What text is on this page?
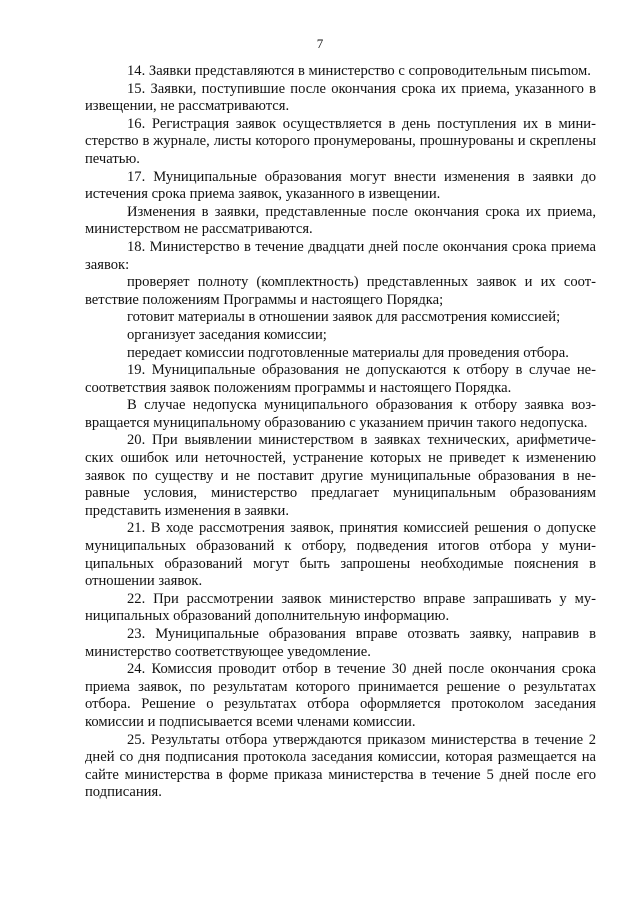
7

14. Заявки представляются в министерство с сопроводительным письmом.

15. Заявки, поступившие после окончания срока их приема, указанного в извещении, не рассматриваются.

16. Регистрация заявок осуществляется в день поступления их в министерство в журнале, листы которого пронумерованы, прошнурованы и скреплены печатью.

17. Муниципальные образования могут внести изменения в заявки до истечения срока приема заявок, указанного в извещении.

Изменения в заявки, представленные после окончания срока их приема, министерством не рассматриваются.

18. Министерство в течение двадцати дней после окончания срока приема заявок:

проверяет полноту (комплектность) представленных заявок и их соответствие положениям Программы и настоящего Порядка;

готовит материалы в отношении заявок для рассмотрения комиссией;

организует заседания комиссии;

передает комиссии подготовленные материалы для проведения отбора.

19. Муниципальные образования не допускаются к отбору в случае несоответствия заявок положениям программы и настоящего Порядка.

В случае недопуска муниципального образования к отбору заявка возвращается муниципальному образованию с указанием причин такого недопуска.

20. При выявлении министерством в заявках технических, арифметических ошибок или неточностей, устранение которых не приведет к изменению заявок по существу и не поставит другие муниципальные образования в неравные условия, министерство предлагает муниципальным образованиям представить изменения в заявки.

21. В ходе рассмотрения заявок, принятия комиссией решения о допуске муниципальных образований к отбору, подведения итогов отбора у муниципальных образований могут быть запрошены необходимые пояснения в отношении заявок.

22. При рассмотрении заявок министерство вправе запрашивать у муниципальных образований дополнительную информацию.

23. Муниципальные образования вправе отозвать заявку, направив в министерство соответствующее уведомление.

24. Комиссия проводит отбор в течение 30 дней после окончания срока приема заявок, по результатам которого принимается решение о результатах отбора. Решение о результатах отбора оформляется протоколом заседания комиссии и подписывается всеми членами комиссии.

25. Результаты отбора утверждаются приказом министерства в течение 2 дней со дня подписания протокола заседания комиссии, которая размещается на сайте министерства в форме приказа министерства в течение 5 дней после его подписания.
